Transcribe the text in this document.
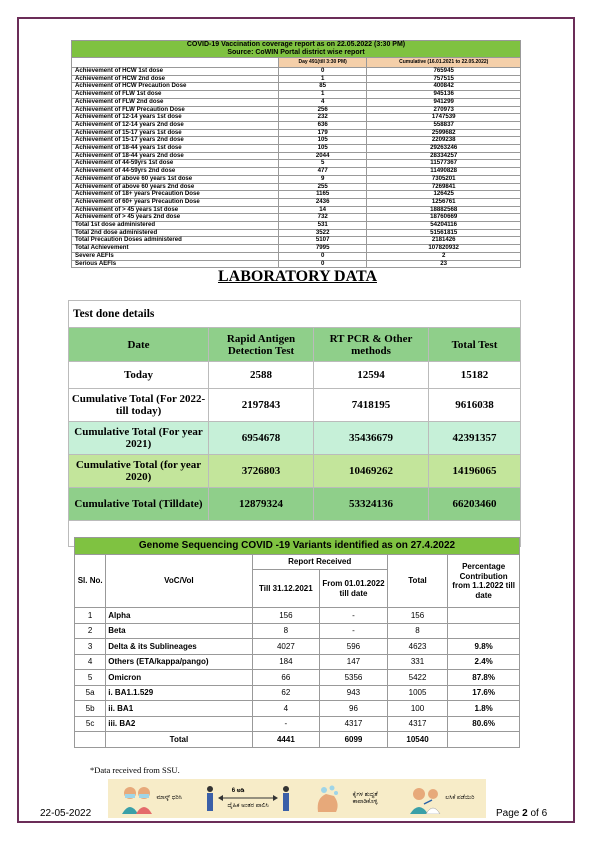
COVID-19 Vaccination coverage report as on 22.05.2022 (3:30 PM)
Source: CoWIN Portal district wise report		

	Day 491(till 3:30 PM)	Cumulative (16.01.2021 to 22.05.2022)
Achievement of HCW 1st dose	0	765945
Achievement of HCW 2nd dose	1	757515
Achievement of HCW Precaution Dose	85	400842
Achievement of FLW 1st dose	1	945136
Achievement of FLW 2nd dose	4	941299
Achievement of FLW Precaution Dose	256	270973
Achievement of 12-14 years 1st dose	232	1747539
Achievement of 12-14 years 2nd dose	636	558837
Achievement of 15-17 years 1st dose	179	2599682
Achievement of 15-17 years 2nd dose	105	2209238
Achievement of 18-44 years 1st dose	105	29263246
Achievement of 18-44 years 2nd dose	2044	28334257
Achievement of 44-59yrs 1st dose	5	11577367
Achievement of 44-59yrs 2nd dose	477	11490828
Achievement of above 60 years 1st dose	9	7305201
Achievement of above 60 years 2nd dose	255	7269841
Achievement of 18+ years Precaution Dose	1165	126425
Achievement of 60+ years Precaution Dose	2436	1256761
Achievement of > 45 years 1st dose	14	18882568
Achievement of > 45 years 2nd dose	732	18760669
Total 1st dose administered	531	54204116
Total 2nd dose administered	3522	51561815
Total Precaution Doses administered	5107	2181426
Total Achievement	7995	107820932
Severe AEFIs	0	2
Serious AEFIs	0	23
LABORATORY DATA
Test done details			
Date	Rapid Antigen Detection Test	RT PCR & Other methods	Total Test
Today	2588	12594	15182
Cumulative Total (For 2022- till today)	2197843	7418195	9616038
Cumulative Total (For year 2021)	6954678	35436679	42391357
Cumulative Total (for year 2020)	3726803	10469262	14196065
Cumulative Total (Tilldate)	12879324	53324136	66203460

Genome Sequencing COVID -19 Variants identified as on 27.4.2022					
Sl. No.	VoC/VoI	Report Received		Total	Percentage Contribution from 1.1.2022 till date
		Till 31.12.2021	From 01.01.2022 till date		
1	Alpha	156	-	156	
2	Beta	8	-	8	
3	Delta & its Sublineages	4027	596	4623	9.8%
4	Others (ETA/kappa/pango)	184	147	331	2.4%
5	Omicron	66	5356	5422	87.8%
5a	i. BA1.1.529	62	943	1005	17.6%
5b	ii. BA1	4	96	100	1.8%
5c	iii. BA2	-	4317	4317	80.6%
	Total	4441	6099	10540	
*Data received from SSU.
ಮಾಸ್ಕ್ ಧರಿಸಿ
6 ಅಡಿ
ದೈಹಿಕ ಅಂತರ ಪಾಲಿಸಿ
ಕೈಗಳ ಶುದ್ಧತೆ ಕಾಪಾಡಿಕೊಳ್ಳಿ
ಲಸಿಕೆ ಪಡೆಯಿರಿ
22-05-2022	Page 2 of 6
